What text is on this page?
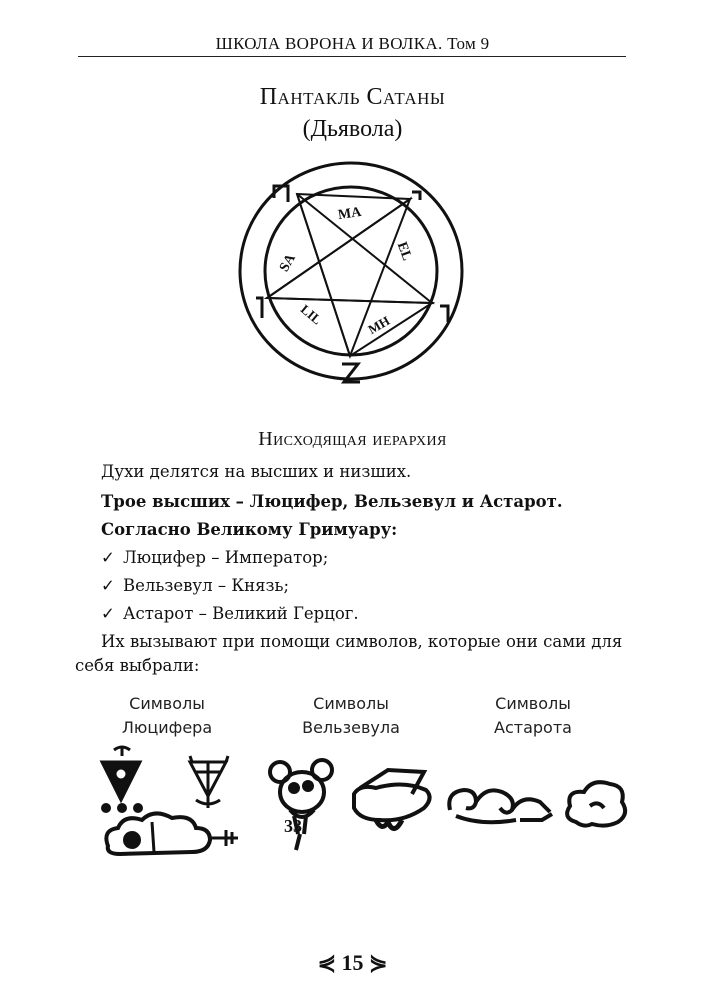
ШКОЛА ВОРОНА И ВОЛКА. Том 9
Пантакль Сатаны
(Дьявола)
MA
EL
MH
LIL
SA
Нисходящая иерархия
Духи делятся на высших и низших.
Трое высших – Люцифер, Вельзевул и Астарот.
Согласно Великому Гримуару:
✓ Люцифер – Император;
✓ Вельзевул – Князь;
✓ Астарот – Великий Герцог.
Их вызывают при помощи символов, которые они сами для
себя выбрали:
Символы
Люцифера
Символы
Вельзевула
Символы
Астарота
33
⋞ 15 ⋟
